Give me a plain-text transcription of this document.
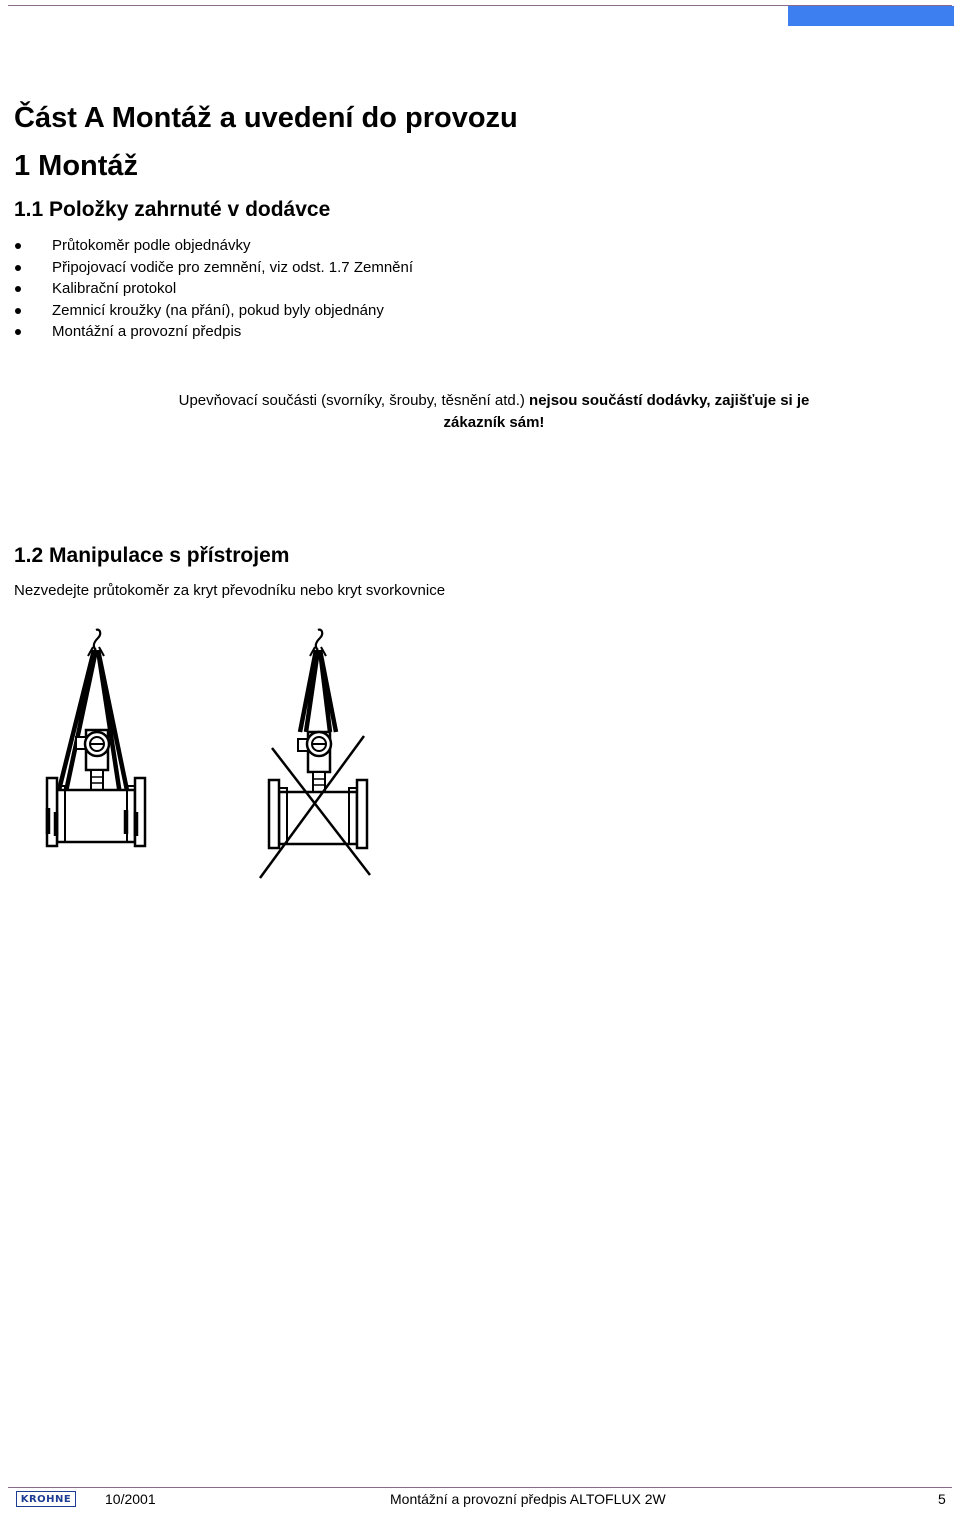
Část A Montáž a uvedení do provozu
1 Montáž
1.1 Položky zahrnuté v dodávce
Průtokoměr podle objednávky
Připojovací vodiče pro zemnění, viz odst. 1.7 Zemnění
Kalibrační protokol
Zemnicí kroužky (na přání), pokud byly objednány
Montážní a provozní předpis
Upevňovací součásti (svorníky, šrouby, těsnění atd.) nejsou součástí dodávky, zajišťuje si je zákazník sám!
1.2 Manipulace s přístrojem
Nezvedejte průtokoměr za kryt převodníku nebo kryt svorkovnice
KROHNE 10/2001	Montážní a provozní předpis ALTOFLUX 2W	5
